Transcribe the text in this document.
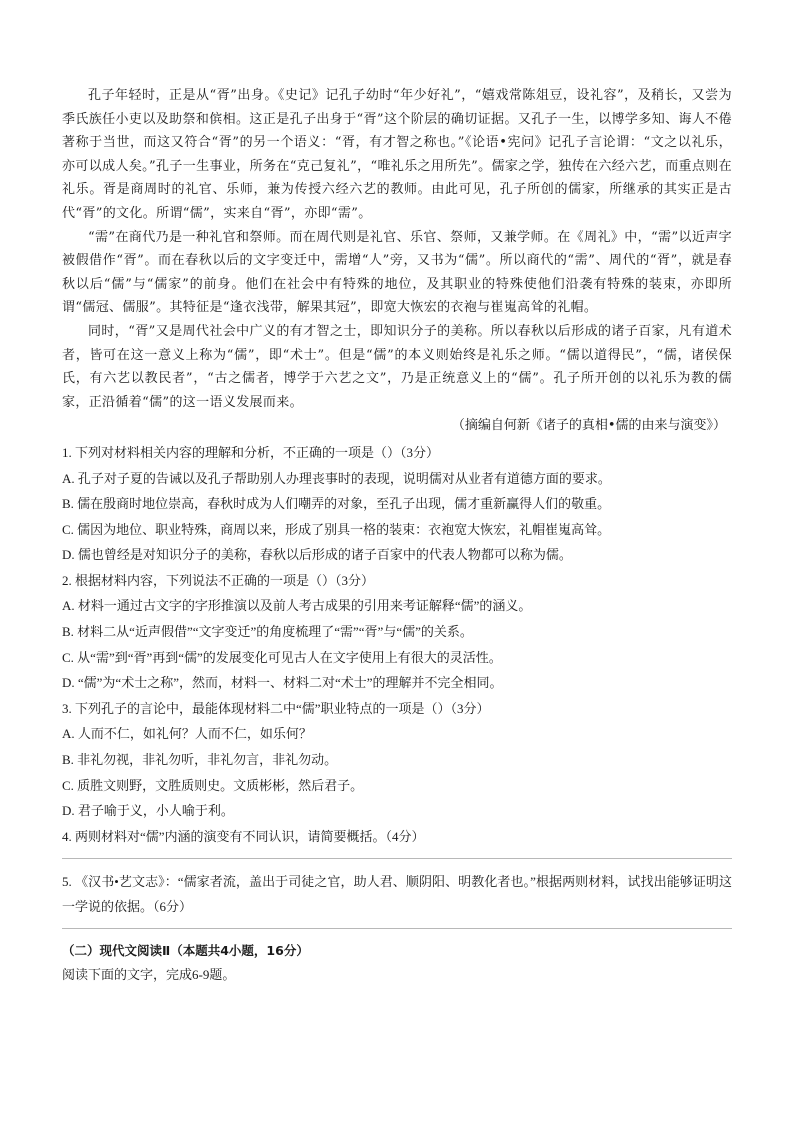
孔子年轻时，正是从“胥”出身。《史记》记孔子幼时“年少好礼”，“嬉戏常陈俎豆，设礼容”，及稍长，又尝为季氏族任小吏以及助祭和傧相。这正是孔子出身于“胥”这个阶层的确切证据。又孔子一生，以博学多知、诲人不倦著称于当世，而这又符合“胥”的另一个语义：“胥，有才智之称也。”《论语•宪问》记孔子言论谓：“文之以礼乐，亦可以成人矣。”孔子一生事业，所务在“克己复礼”，“唯礼乐之用所先”。儒家之学，独传在六经六艺，而重点则在礼乐。胥是商周时的礼官、乐师，兼为传授六经六艺的教师。由此可见，孔子所创的儒家，所继承的其实正是古代“胥”的文化。所谓“儒”，实来自“胥”，亦即“需”。

“需”在商代乃是一种礼官和祭师。而在周代则是礼官、乐官、祭师，又兼学师。在《周礼》中，“需”以近声字被假借作“胥”。而在春秋以后的文字变迁中，需增“人”旁，又书为“儒”。所以商代的“需”、周代的“胥”，就是春秋以后“儒”与“儒家”的前身。他们在社会中有特殊的地位，及其职业的特殊使他们沿袭有特殊的装束，亦即所谓“儒冠、儒服”。其特征是“逢衣浅带，解果其冠”，即宽大恢宏的衣袍与崔嵬高耸的礼帽。

同时，“胥”又是周代社会中广义的有才智之士，即知识分子的美称。所以春秋以后形成的诸子百家，凡有道术者，皆可在这一意义上称为“儒”，即“术士”。但是“儒”的本义则始终是礼乐之师。“儒以道得民”，“儒，诸侯保氏，有六艺以教民者”，“古之儒者，博学于六艺之文”，乃是正统意义上的“儒”。孔子所开创的以礼乐为教的儒家，正沿循着“儒”的这一语义发展而来。

（摘编自何新《诸子的真相•儒的由来与演变》）

1. 下列对材料相关内容的理解和分析，不正确的一项是（）（3分）

A. 孔子对子夏的告诫以及孔子帮助别人办理丧事时的表现，说明儒对从业者有道德方面的要求。

B. 儒在殷商时地位崇高，春秋时成为人们嘲弄的对象，至孔子出现，儒才重新赢得人们的敬重。

C. 儒因为地位、职业特殊，商周以来，形成了别具一格的装束：衣袍宽大恢宏，礼帽崔嵬高耸。

D. 儒也曾经是对知识分子的美称，春秋以后形成的诸子百家中的代表人物都可以称为儒。

2. 根据材料内容，下列说法不正确的一项是（）（3分）

A. 材料一通过古文字的字形推演以及前人考古成果的引用来考证解释“儒”的涵义。

B. 材料二从“近声假借”“文字变迁”的角度梳理了“需”“胥”与“儒”的关系。

C. 从“需”到“胥”再到“儒”的发展变化可见古人在文字使用上有很大的灵活性。

D. “儒”为“术士之称”，然而，材料一、材料二对“术士”的理解并不完全相同。

3. 下列孔子的言论中，最能体现材料二中“儒”职业特点的一项是（）（3分）

A. 人而不仁，如礼何？人而不仁，如乐何？

B. 非礼勿视，非礼勿听，非礼勿言，非礼勿动。

C. 质胜文则野，文胜质则史。文质彬彬，然后君子。

D. 君子喻于义，小人喻于利。

4. 两则材料对“儒”内涵的演变有不同认识，请简要概括。（4分）

5. 《汉书•艺文志》：“儒家者流，盖出于司徒之官，助人君、顺阴阳、明教化者也。”根据两则材料，试找出能够证明这一学说的依据。（6分）

（二）现代文阅读Ⅱ（本题共4小题，16分）

阅读下面的文字，完成6-9题。
